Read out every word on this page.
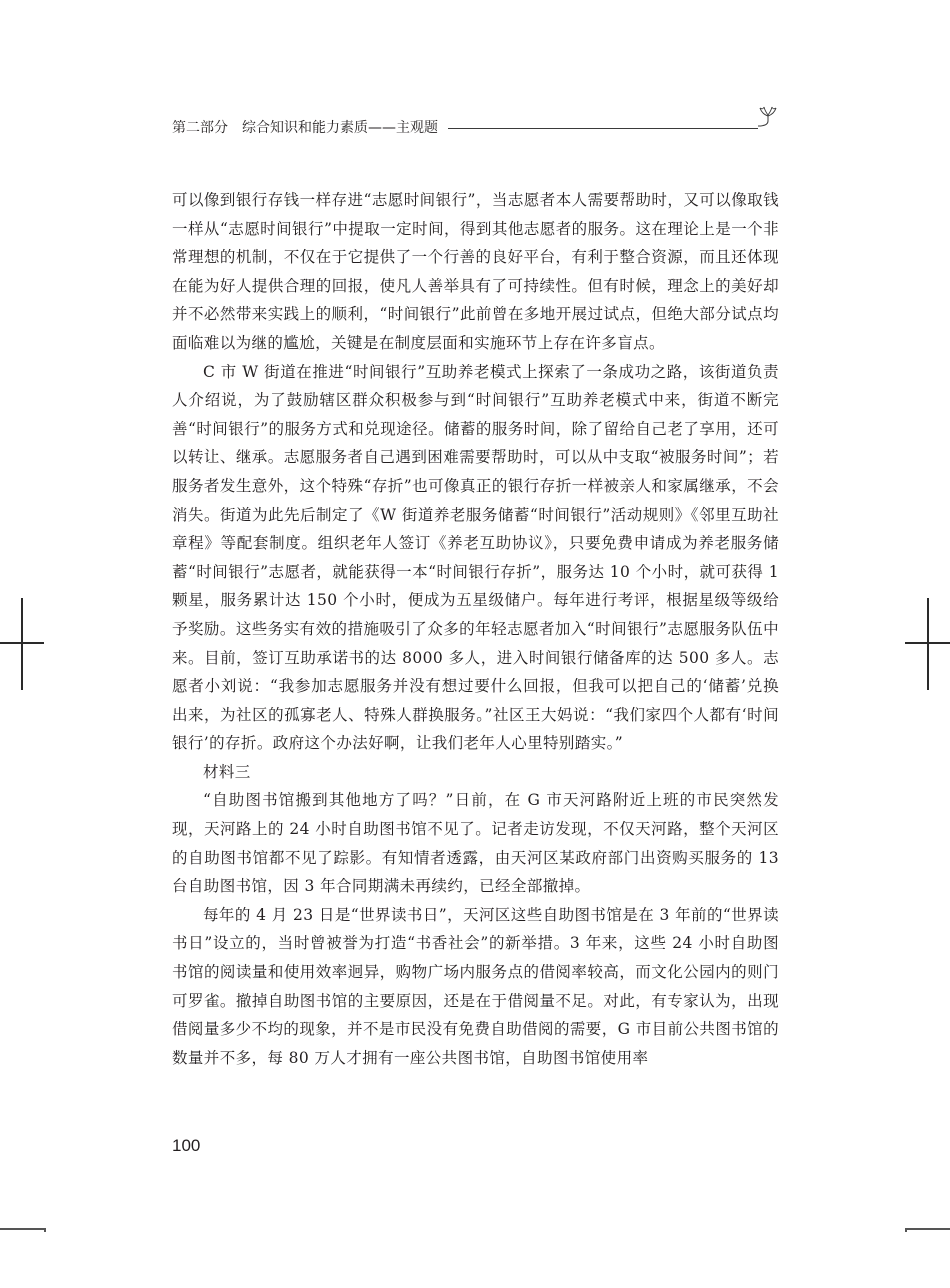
第二部分　综合知识和能力素质——主观题

可以像到银行存钱一样存进“志愿时间银行”，当志愿者本人需要帮助时，又可以像取钱一样从“志愿时间银行”中提取一定时间，得到其他志愿者的服务。这在理论上是一个非常理想的机制，不仅在于它提供了一个行善的良好平台，有利于整合资源，而且还体现在能为好人提供合理的回报，使凡人善举具有了可持续性。但有时候，理念上的美好却并不必然带来实践上的顺利，“时间银行”此前曾在多地开展过试点，但绝大部分试点均面临难以为继的尴尬，关键是在制度层面和实施环节上存在许多盲点。

C 市 W 街道在推进“时间银行”互助养老模式上探索了一条成功之路，该街道负责人介绍说，为了鼓励辖区群众积极参与到“时间银行”互助养老模式中来，街道不断完善“时间银行”的服务方式和兑现途径。储蓄的服务时间，除了留给自己老了享用，还可以转让、继承。志愿服务者自己遇到困难需要帮助时，可以从中支取“被服务时间”；若服务者发生意外，这个特殊“存折”也可像真正的银行存折一样被亲人和家属继承，不会消失。街道为此先后制定了《W 街道养老服务储蓄“时间银行”活动规则》《邻里互助社章程》等配套制度。组织老年人签订《养老互助协议》，只要免费申请成为养老服务储蓄“时间银行”志愿者，就能获得一本“时间银行存折”，服务达 10 个小时，就可获得 1 颗星，服务累计达 150 个小时，便成为五星级储户。每年进行考评，根据星级等级给予奖励。这些务实有效的措施吸引了众多的年轻志愿者加入“时间银行”志愿服务队伍中来。目前，签订互助承诺书的达 8000 多人，进入时间银行储备库的达 500 多人。志愿者小刘说：“我参加志愿服务并没有想过要什么回报，但我可以把自己的‘储蓄’兑换出来，为社区的孤寡老人、特殊人群换服务。”社区王大妈说：“我们家四个人都有‘时间银行’的存折。政府这个办法好啊，让我们老年人心里特别踏实。”

材料三

“自助图书馆搬到其他地方了吗？”日前，在 G 市天河路附近上班的市民突然发现，天河路上的 24 小时自助图书馆不见了。记者走访发现，不仅天河路，整个天河区的自助图书馆都不见了踪影。有知情者透露，由天河区某政府部门出资购买服务的 13 台自助图书馆，因 3 年合同期满未再续约，已经全部撤掉。

每年的 4 月 23 日是“世界读书日”，天河区这些自助图书馆是在 3 年前的“世界读书日”设立的，当时曾被誉为打造“书香社会”的新举措。3 年来，这些 24 小时自助图书馆的阅读量和使用效率迥异，购物广场内服务点的借阅率较高，而文化公园内的则门可罗雀。撤掉自助图书馆的主要原因，还是在于借阅量不足。对此，有专家认为，出现借阅量多少不均的现象，并不是市民没有免费自助借阅的需要，G 市目前公共图书馆的数量并不多，每 80 万人才拥有一座公共图书馆，自助图书馆使用率

100
